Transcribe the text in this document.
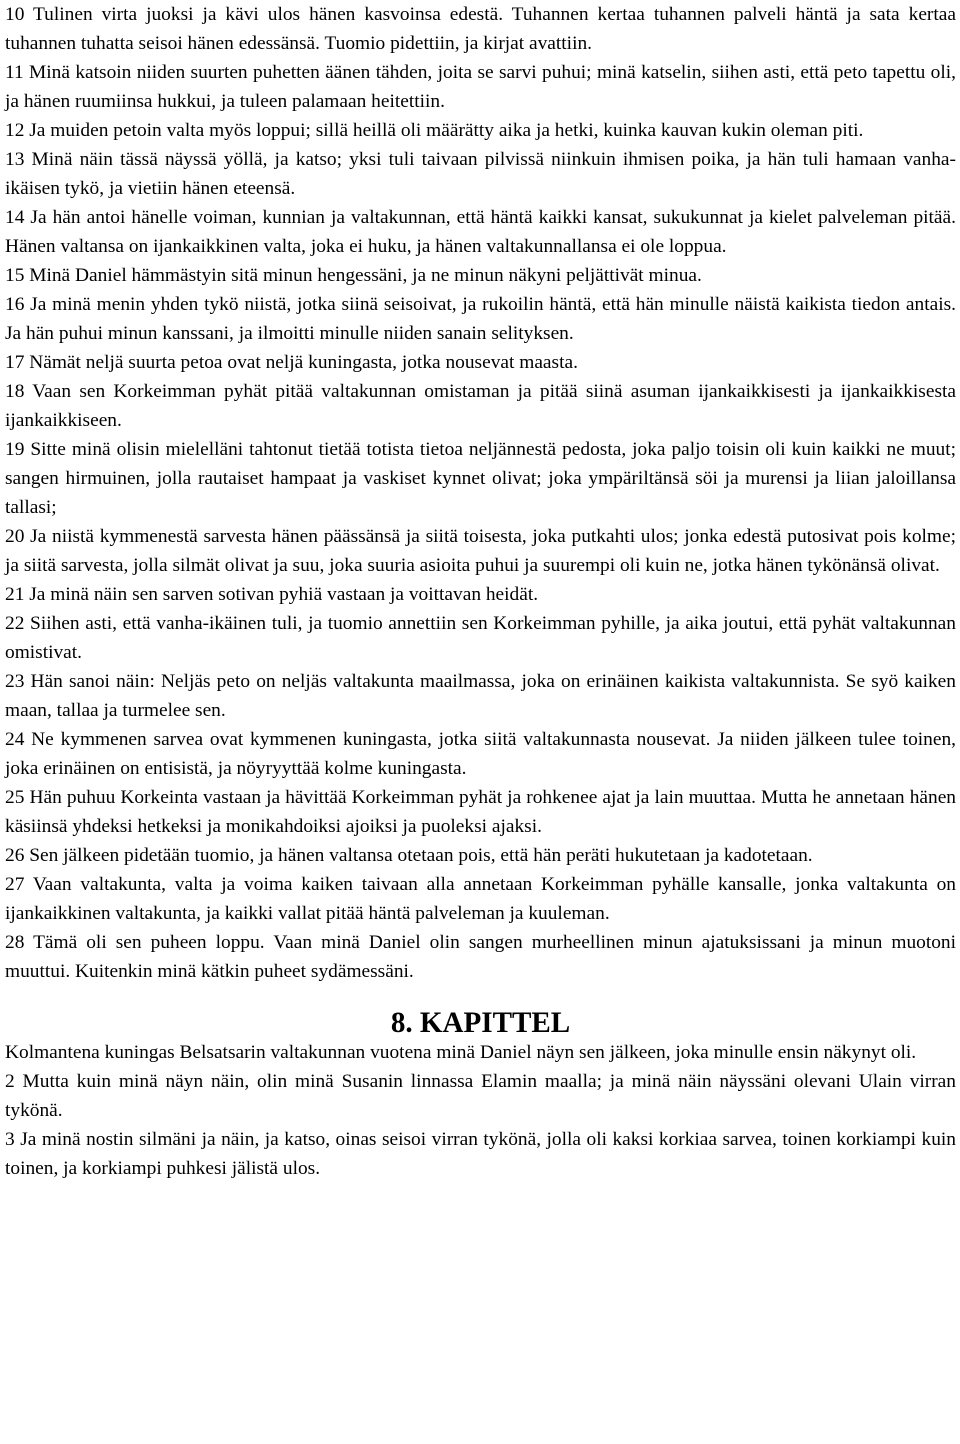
10 Tulinen virta juoksi ja kävi ulos hänen kasvoinsa edestä. Tuhannen kertaa tuhannen palveli häntä ja sata kertaa tuhannen tuhatta seisoi hänen edessänsä. Tuomio pidettiin, ja kirjat avattiin.

11 Minä katsoin niiden suurten puhetten äänen tähden, joita se sarvi puhui; minä katselin, siihen asti, että peto tapettu oli, ja hänen ruumiinsa hukkui, ja tuleen palamaan heitettiin.

12 Ja muiden petoin valta myös loppui; sillä heillä oli määrätty aika ja hetki, kuinka kauvan kukin oleman piti.

13 Minä näin tässä näyssä yöllä, ja katso; yksi tuli taivaan pilvissä niinkuin ihmisen poika, ja hän tuli hamaan vanha-ikäisen tykö, ja vietiin hänen eteensä.

14 Ja hän antoi hänelle voiman, kunnian ja valtakunnan, että häntä kaikki kansat, sukukunnat ja kielet palveleman pitää. Hänen valtansa on ijankaikkinen valta, joka ei huku, ja hänen valtakunnallansa ei ole loppua.

15 Minä Daniel hämmästyin sitä minun hengessäni, ja ne minun näkyni peljättivät minua.

16 Ja minä menin yhden tykö niistä, jotka siinä seisoivat, ja rukoilin häntä, että hän minulle näistä kaikista tiedon antais. Ja hän puhui minun kanssani, ja ilmoitti minulle niiden sanain selityksen.

17 Nämät neljä suurta petoa ovat neljä kuningasta, jotka nousevat maasta.

18 Vaan sen Korkeimman pyhät pitää valtakunnan omistaman ja pitää siinä asuman ijankaikkisesti ja ijankaikkisesta ijankaikkiseen.

19 Sitte minä olisin mielelläni tahtonut tietää totista tietoa neljännestä pedosta, joka paljo toisin oli kuin kaikki ne muut; sangen hirmuinen, jolla rautaiset hampaat ja vaskiset kynnet olivat; joka ympäriltänsä söi ja murensi ja liian jaloillansa tallasi;

20 Ja niistä kymmenestä sarvesta hänen päässänsä ja siitä toisesta, joka putkahti ulos; jonka edestä putosivat pois kolme; ja siitä sarvesta, jolla silmät olivat ja suu, joka suuria asioita puhui ja suurempi oli kuin ne, jotka hänen tykönänsä olivat.

21 Ja minä näin sen sarven sotivan pyhiä vastaan ja voittavan heidät.

22 Siihen asti, että vanha-ikäinen tuli, ja tuomio annettiin sen Korkeimman pyhille, ja aika joutui, että pyhät valtakunnan omistivat.

23 Hän sanoi näin: Neljäs peto on neljäs valtakunta maailmassa, joka on erinäinen kaikista valtakunnista. Se syö kaiken maan, tallaa ja turmelee sen.

24 Ne kymmenen sarvea ovat kymmenen kuningasta, jotka siitä valtakunnasta nousevat. Ja niiden jälkeen tulee toinen, joka erinäinen on entisistä, ja nöyryyttää kolme kuningasta.

25 Hän puhuu Korkeinta vastaan ja hävittää Korkeimman pyhät ja rohkenee ajat ja lain muuttaa. Mutta he annetaan hänen käsiinsä yhdeksi hetkeksi ja monikahdoiksi ajoiksi ja puoleksi ajaksi.

26 Sen jälkeen pidetään tuomio, ja hänen valtansa otetaan pois, että hän peräti hukutetaan ja kadotetaan.

27 Vaan valtakunta, valta ja voima kaiken taivaan alla annetaan Korkeimman pyhälle kansalle, jonka valtakunta on ijankaikkinen valtakunta, ja kaikki vallat pitää häntä palveleman ja kuuleman.

28 Tämä oli sen puheen loppu. Vaan minä Daniel olin sangen murheellinen minun ajatuksissani ja minun muotoni muuttui. Kuitenkin minä kätkin puheet sydämessäni.

8. KAPITTEL

Kolmantena kuningas Belsatsarin valtakunnan vuotena minä Daniel näyn sen jälkeen, joka minulle ensin näkynyt oli.

2 Mutta kuin minä näyn näin, olin minä Susanin linnassa Elamin maalla; ja minä näin näyssäni olevani Ulain virran tykönä.

3 Ja minä nostin silmäni ja näin, ja katso, oinas seisoi virran tykönä, jolla oli kaksi korkiaa sarvea, toinen korkiampi kuin toinen, ja korkiampi puhkesi jälistä ulos.
